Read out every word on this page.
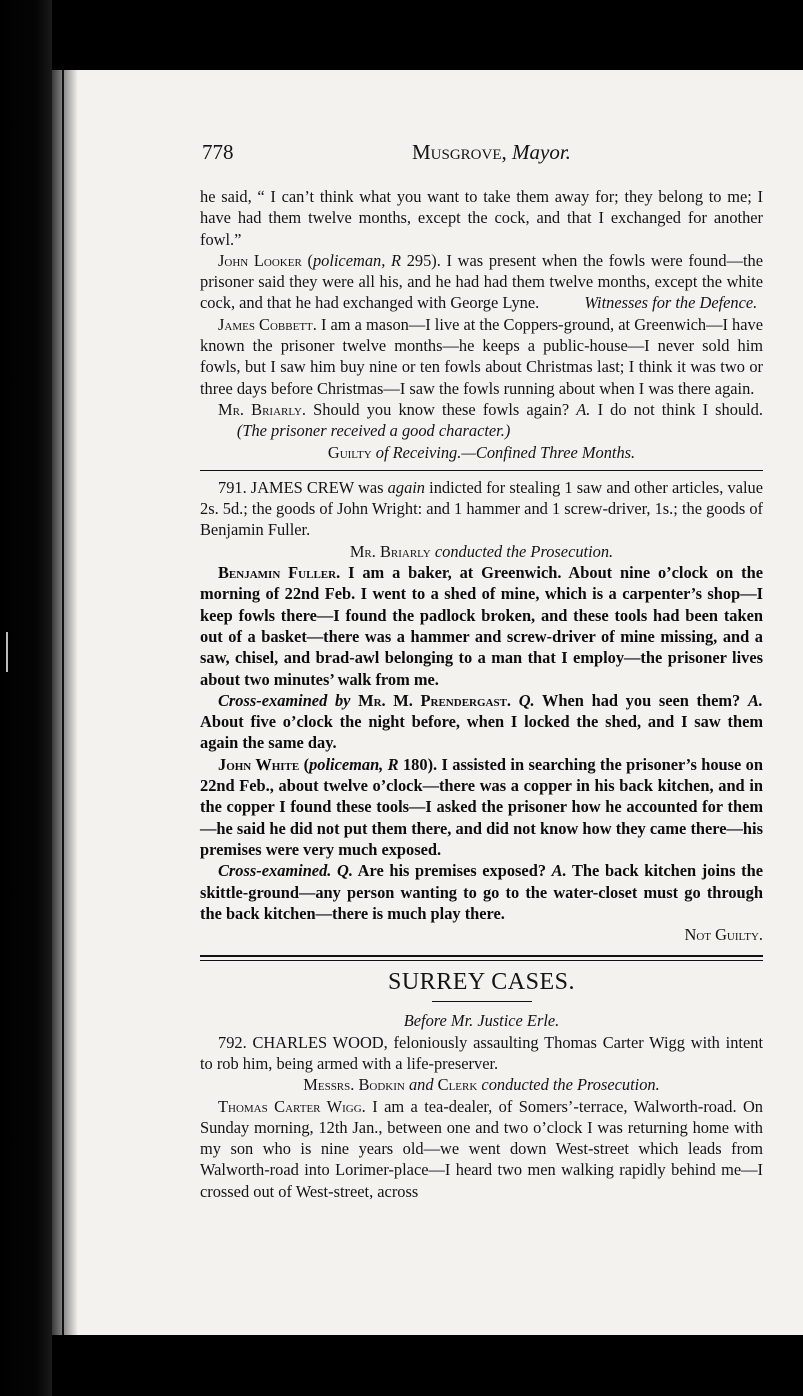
778	Musgrove, Mayor.

he said, “ I can’t think what you want to take them away for; they belong to me; I have had them twelve months, except the cock, and that I exchanged for another fowl.”

John Looker (policeman, R 295). I was present when the fowls were found—the prisoner said they were all his, and he had had them twelve months, except the white cock, and that he had exchanged with George Lyne.	Witnesses for the Defence.

James Cobbett. I am a mason—I live at the Coppers-ground, at Greenwich—I have known the prisoner twelve months—he keeps a public-house—I never sold him fowls, but I saw him buy nine or ten fowls about Christmas last; I think it was two or three days before Christmas—I saw the fowls running about when I was there again.

Mr. Briarly. Should you know these fowls again? A. I do not think I should.          (The prisoner received a good character.)

Guilty of Receiving.—Confined Three Months.

791. JAMES CREW was again indicted for stealing 1 saw and other articles, value 2s. 5d.; the goods of John Wright: and 1 hammer and 1 screw-driver, 1s.; the goods of Benjamin Fuller.

Mr. Briarly conducted the Prosecution.

Benjamin Fuller. I am a baker, at Greenwich. About nine o’clock on the morning of 22nd Feb. I went to a shed of mine, which is a carpenter’s shop—I keep fowls there—I found the padlock broken, and these tools had been taken out of a basket—there was a hammer and screw-driver of mine missing, and a saw, chisel, and brad-awl belonging to a man that I employ—the prisoner lives about two minutes’ walk from me.

Cross-examined by Mr. M. Prendergast. Q. When had you seen them? A. About five o’clock the night before, when I locked the shed, and I saw them again the same day.

John White (policeman, R 180). I assisted in searching the prisoner’s house on 22nd Feb., about twelve o’clock—there was a copper in his back kitchen, and in the copper I found these tools—I asked the prisoner how he accounted for them—he said he did not put them there, and did not know how they came there—his premises were very much exposed.

Cross-examined. Q. Are his premises exposed? A. The back kitchen joins the skittle-ground—any person wanting to go to the water-closet must go through the back kitchen—there is much play there.

Not Guilty.

SURREY CASES.

Before Mr. Justice Erle.

792. CHARLES WOOD, feloniously assaulting Thomas Carter Wigg with intent to rob him, being armed with a life-preserver.

Messrs. Bodkin and Clerk conducted the Prosecution.

Thomas Carter Wigg. I am a tea-dealer, of Somers’-terrace, Walworth-road. On Sunday morning, 12th Jan., between one and two o’clock I was returning home with my son who is nine years old—we went down West-street which leads from Walworth-road into Lorimer-place—I heard two men walking rapidly behind me—I crossed out of West-street, across
